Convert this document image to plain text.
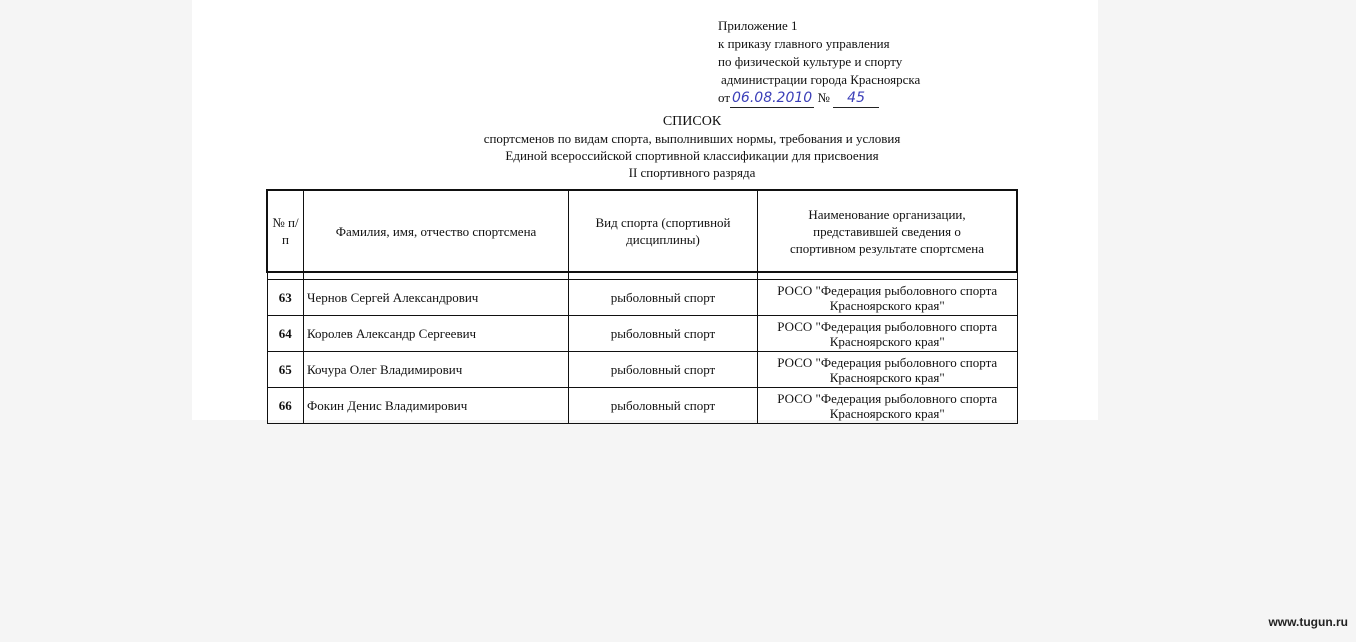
Приложение 1
к приказу главного управления
по физической культуре и спорту
администрации города Красноярска
от 06.08.2010 № 45
СПИСОК
спортсменов по видам спорта, выполнивших нормы, требования и условия
Единой всероссийской спортивной классификации для присвоения
II спортивного разряда
№ п/п	Фамилия, имя, отчество спортсмена	Вид спорта (спортивной дисциплины)	Наименование организации, представившей сведения о спортивном результате спортсмена

63	Чернов Сергей Александрович	рыболовный спорт	РОСО "Федерация рыболовного спорта Красноярского края"
64	Королев Александр Сергеевич	рыболовный спорт	РОСО "Федерация рыболовного спорта Красноярского края"
65	Кочура Олег Владимирович	рыболовный спорт	РОСО "Федерация рыболовного спорта Красноярского края"
66	Фокин Денис Владимирович	рыболовный спорт	РОСО "Федерация рыболовного спорта Красноярского края"
www.tugun.ru
